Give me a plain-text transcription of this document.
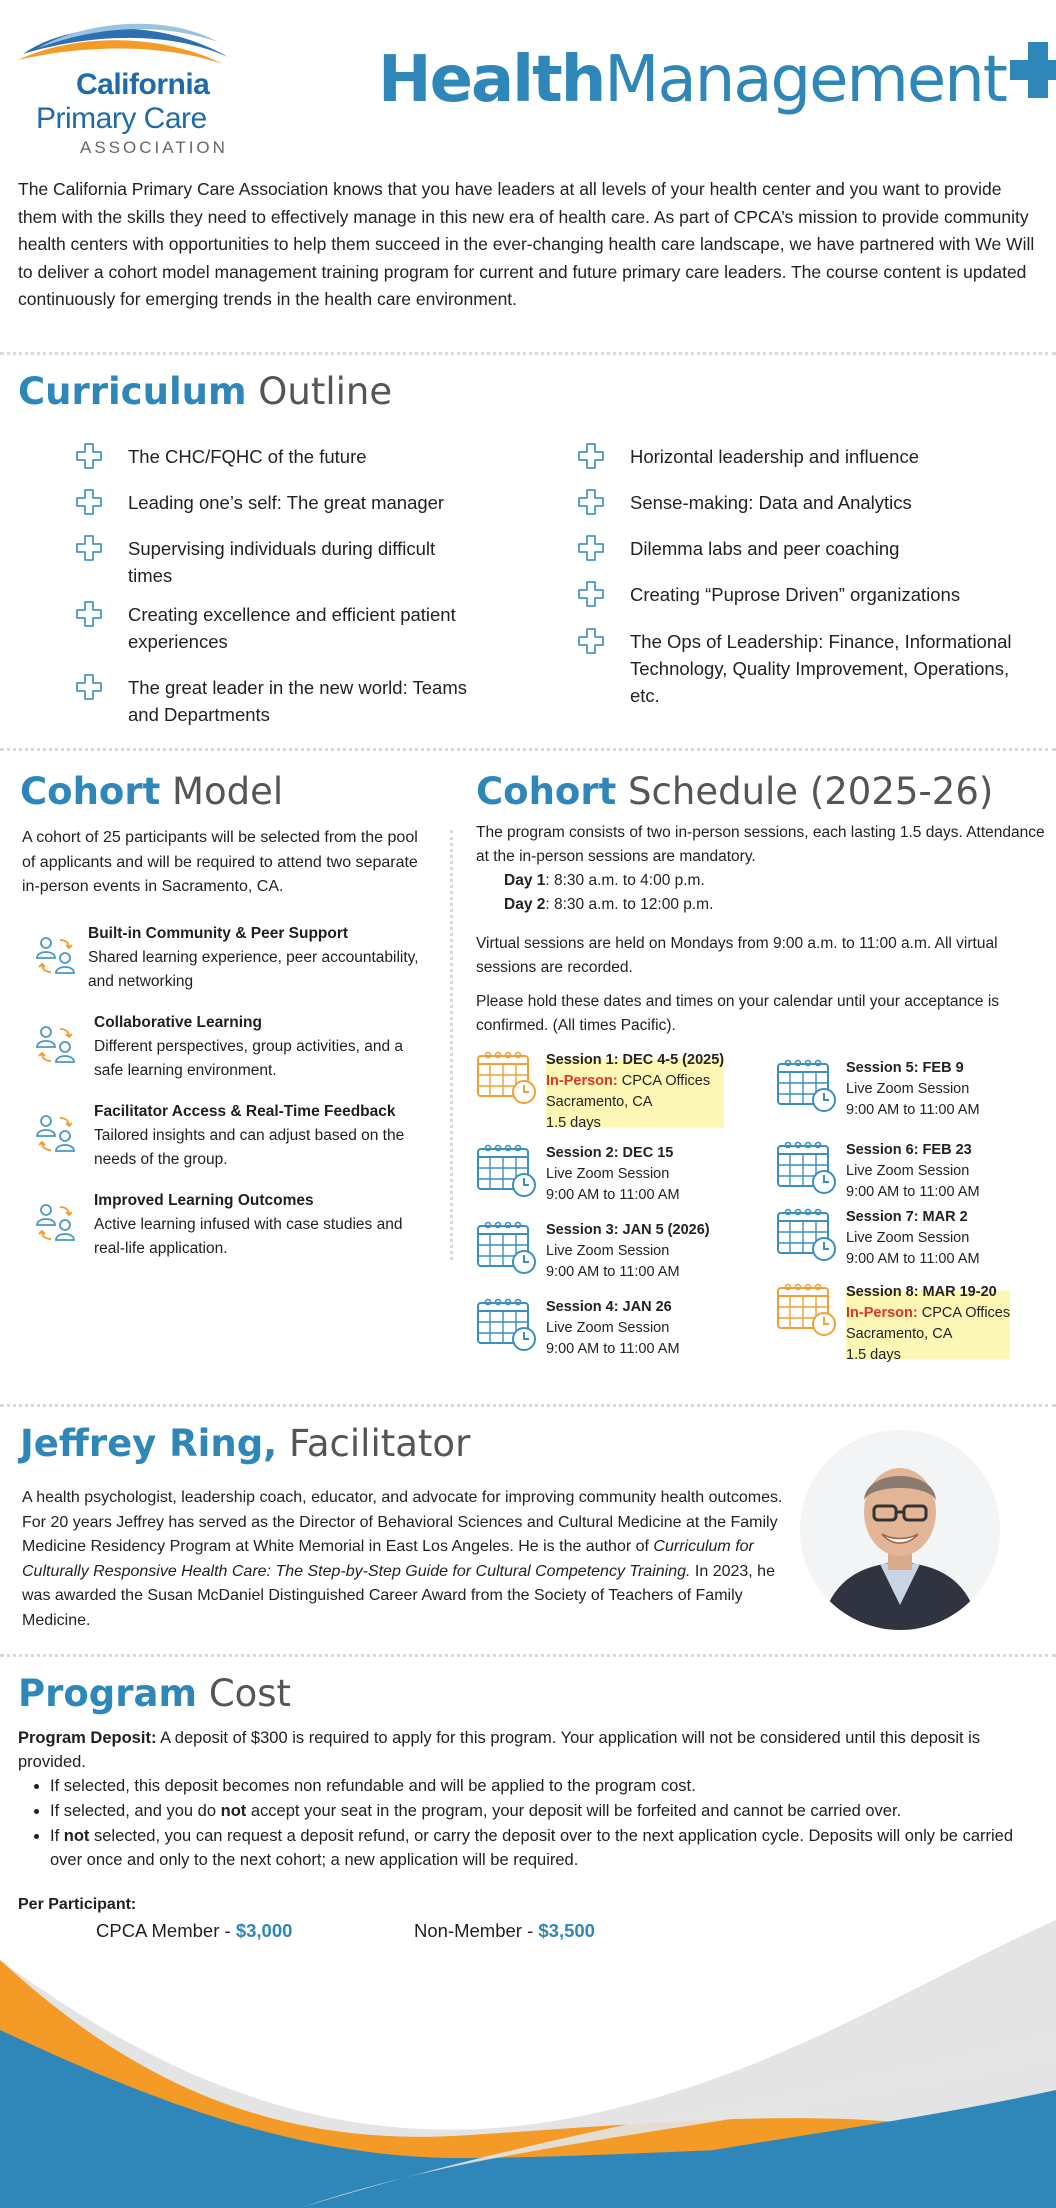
California
Primary Care
ASSOCIATION
HealthManagement
The California Primary Care Association knows that you have leaders at all levels of your health center and you want to provide them with the skills they need to effectively manage in this new era of health care. As part of CPCA’s mission to provide community health centers with opportunities to help them succeed in the ever-changing health care landscape, we have partnered with We Will to deliver a cohort model management training program for current and future primary care leaders. The course content is updated continuously for emerging trends in the health care environment.
Curriculum Outline
The CHC/FQHC of the future
Leading one’s self: The great manager
Supervising individuals during difficult times
Creating excellence and efficient patient experiences
The great leader in the new world: Teams and Departments
Horizontal leadership and influence
Sense-making: Data and Analytics
Dilemma labs and peer coaching
Creating “Puprose Driven” organizations
The Ops of Leadership: Finance, Informational Technology, Quality Improvement, Operations, etc.
Cohort Model
A cohort of 25 participants will be selected from the pool of applicants and will be required to attend two separate in-person events in Sacramento, CA.
Built-in Community & Peer Support
Shared learning experience, peer accountability, and networking
Collaborative Learning
Different perspectives, group activities, and a safe learning environment.
Facilitator Access & Real-Time Feedback
Tailored insights and can adjust based on the needs of the group.
Improved Learning Outcomes
Active learning infused with case studies and real-life application.
Cohort Schedule (2025-26)
The program consists of two in-person sessions, each lasting 1.5 days. Attendance at the in-person sessions are mandatory.
Day 1: 8:30 a.m. to 4:00 p.m.
Day 2: 8:30 a.m. to 12:00 p.m.
Virtual sessions are held on Mondays from 9:00 a.m. to 11:00 a.m. All virtual sessions are recorded.
Please hold these dates and times on your calendar until your acceptance is confirmed. (All times Pacific).
Session 1: DEC 4-5 (2025)
In-Person: CPCA Offices
Sacramento, CA
1.5 days
Session 2: DEC 15
Live Zoom Session
9:00 AM to 11:00 AM
Session 3: JAN 5 (2026)
Live Zoom Session
9:00 AM to 11:00 AM
Session 4: JAN 26
Live Zoom Session
9:00 AM to 11:00 AM
Session 5: FEB 9
Live Zoom Session
9:00 AM to 11:00 AM
Session 6: FEB 23
Live Zoom Session
9:00 AM to 11:00 AM
Session 7: MAR 2
Live Zoom Session
9:00 AM to 11:00 AM
Session 8: MAR 19-20
In-Person: CPCA Offices
Sacramento, CA
1.5 days
Jeffrey Ring, Facilitator
A health psychologist, leadership coach, educator, and advocate for improving community health outcomes. For 20 years Jeffrey has served as the Director of Behavioral Sciences and Cultural Medicine at the Family Medicine Residency Program at White Memorial in East Los Angeles. He is the author of Curriculum for Culturally Responsive Health Care: The Step-by-Step Guide for Cultural Competency Training. In 2023, he was awarded the Susan McDaniel Distinguished Career Award from the Society of Teachers of Family Medicine.
Program Cost
Program Deposit: A deposit of $300 is required to apply for this program. Your application will not be considered until this deposit is provided.
• If selected, this deposit becomes non refundable and will be applied to the program cost.
• If selected, and you do not accept your seat in the program, your deposit will be forfeited and cannot be carried over.
• If not selected, you can request a deposit refund, or carry the deposit over to the next application cycle. Deposits will only be carried over once and only to the next cohort; a new application will be required.
Per Participant:
CPCA Member - $3,000	Non-Member - $3,500
